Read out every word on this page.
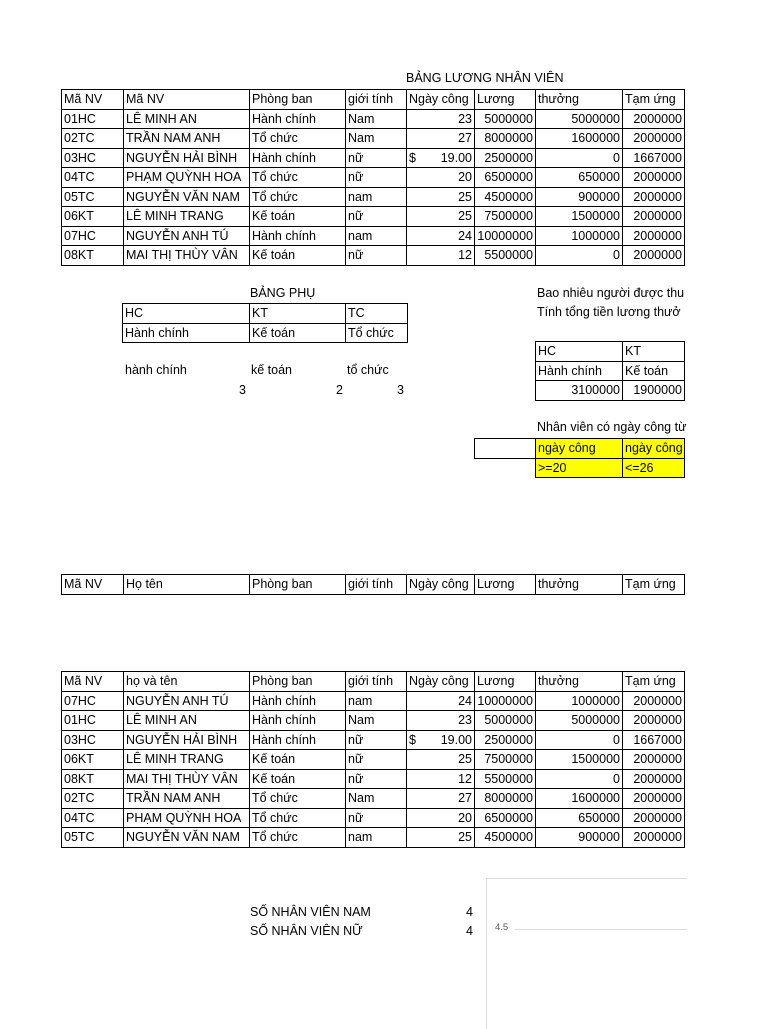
BẢNG LƯƠNG NHÂN VIÊN
Mã NV	Mã NV	Phòng ban	giới tính	Ngày công	Lương	thưởng	Tạm ứng
01HC	LÊ MINH AN	Hành chính	Nam	23	5000000	5000000	2000000
02TC	TRẦN NAM ANH	Tổ chức	Nam	27	8000000	1600000	2000000
03HC	NGUYỄN HẢI BÌNH	Hành chính	nữ	$ 19.00	2500000	0	1667000
04TC	PHẠM QUỲNH HOA	Tổ chức	nữ	20	6500000	650000	2000000
05TC	NGUYỄN VĂN NAM	Tổ chức	nam	25	4500000	900000	2000000
06KT	LÊ MINH TRANG	Kế toán	nữ	25	7500000	1500000	2000000
07HC	NGUYỄN ANH TÚ	Hành chính	nam	24	10000000	1000000	2000000
08KT	MAI THỊ THÙY VÂN	Kế toán	nữ	12	5500000	0	2000000
BẢNG PHỤ
HC	KT	TC
Hành chính	Kế toán	Tổ chức
hành chính	kế toán	tổ chức
3	2	3
Bao nhiêu người được thu
Tính tổng tiền lương thưở
HC	KT
Hành chính	Kế toán
3100000	1900000
Nhân viên có ngày công từ
	ngày công	ngày công
	>=20	<=26
Mã NV	Họ tên	Phòng ban	giới tính	Ngày công	Lương	thưởng	Tạm ứng
Mã NV	họ và tên	Phòng ban	giới tính	Ngày công	Lương	thưởng	Tạm ứng
07HC	NGUYỄN ANH TÚ	Hành chính	nam	24	10000000	1000000	2000000
01HC	LÊ MINH AN	Hành chính	Nam	23	5000000	5000000	2000000
03HC	NGUYỄN HẢI BÌNH	Hành chính	nữ	$ 19.00	2500000	0	1667000
06KT	LÊ MINH TRANG	Kế toán	nữ	25	7500000	1500000	2000000
08KT	MAI THỊ THÙY VÂN	Kế toán	nữ	12	5500000	0	2000000
02TC	TRẦN NAM ANH	Tổ chức	Nam	27	8000000	1600000	2000000
04TC	PHẠM QUỲNH HOA	Tổ chức	nữ	20	6500000	650000	2000000
05TC	NGUYỄN VĂN NAM	Tổ chức	nam	25	4500000	900000	2000000
SỐ NHÂN VIÊN NAM	4
SỐ NHÂN VIÊN NỮ	4 4.5
